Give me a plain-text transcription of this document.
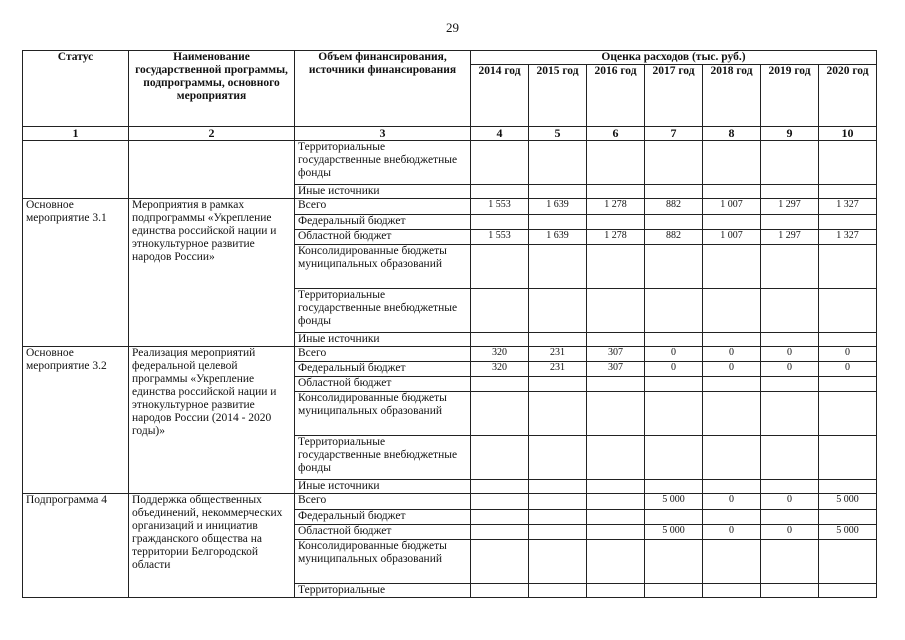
29
Статус	Наименование государственной программы, подпрограммы, основного мероприятия	Объем финансирования, источники финансирования	Оценка расходов (тыс. руб.)						
			2014 год	2015 год	2016 год	2017 год	2018 год	2019 год	2020 год
1	2	3	4	5	6	7	8	9	10
		Территориальные государственные внебюджетные фонды							
		Иные источники							
Основное мероприятие 3.1	Мероприятия в рамках подпрограммы «Укрепление единства российской нации и этнокультурное развитие народов России»	Всего	1 553	1 639	1 278	882	1 007	1 297	1 327
		Федеральный бюджет							
		Областной бюджет	1 553	1 639	1 278	882	1 007	1 297	1 327
		Консолидированные бюджеты муниципальных образований							
		Территориальные государственные внебюджетные фонды							
		Иные источники							
Основное мероприятие 3.2	Реализация мероприятий федеральной целевой программы «Укрепление единства российской нации и этнокультурное развитие народов России (2014 - 2020 годы)»	Всего	320	231	307	0	0	0	0
		Федеральный бюджет	320	231	307	0	0	0	0
		Областной бюджет							
		Консолидированные бюджеты муниципальных образований							
		Территориальные государственные внебюджетные фонды							
		Иные источники							
Подпрограмма 4	Поддержка общественных объединений, некоммерческих организаций и инициатив гражданского общества на территории Белгородской области	Всего				5 000	0	0	5 000
		Федеральный бюджет							
		Областной бюджет				5 000	0	0	5 000
		Консолидированные бюджеты муниципальных образований							
		Территориальные							
